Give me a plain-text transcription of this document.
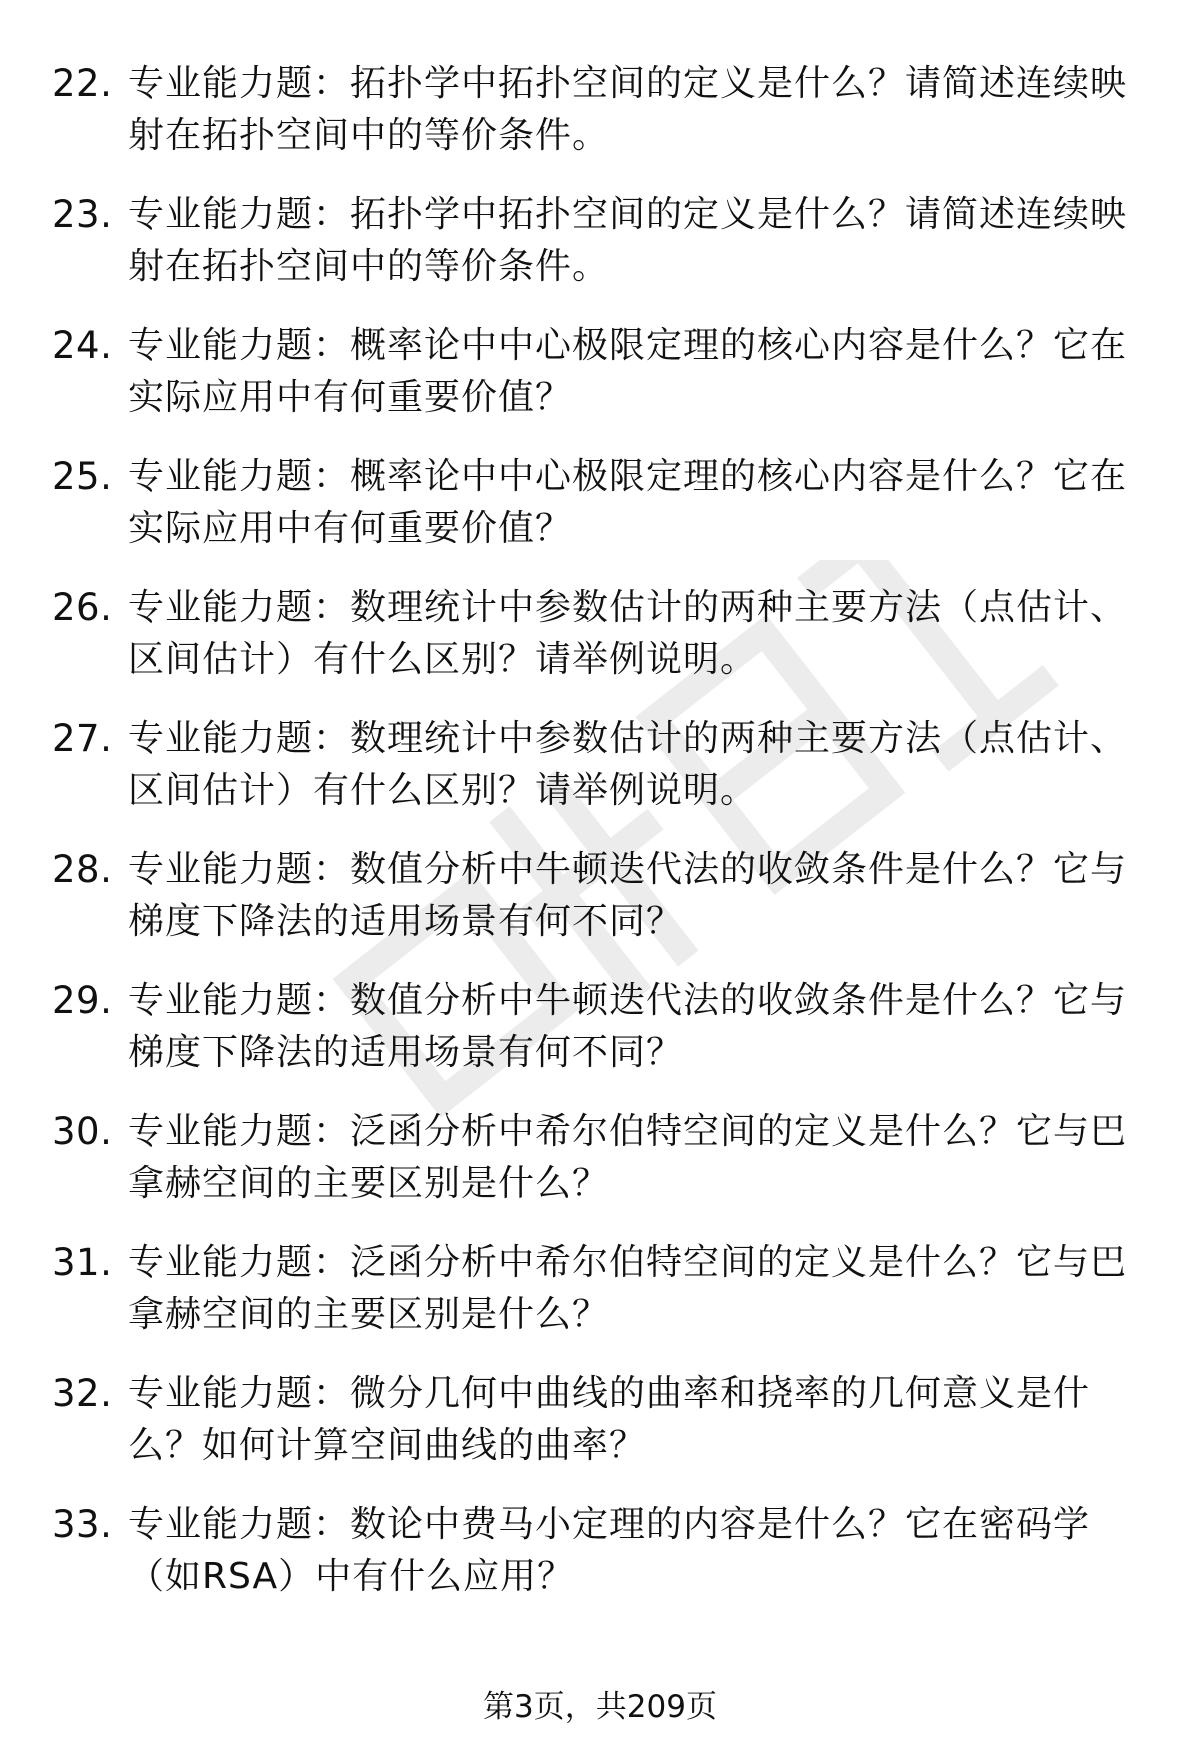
22. 专业能力题：拓扑学中拓扑空间的定义是什么？请简述连续映射在拓扑空间中的等价条件。
23. 专业能力题：拓扑学中拓扑空间的定义是什么？请简述连续映射在拓扑空间中的等价条件。
24. 专业能力题：概率论中中心极限定理的核心内容是什么？它在实际应用中有何重要价值？
25. 专业能力题：概率论中中心极限定理的核心内容是什么？它在实际应用中有何重要价值？
26. 专业能力题：数理统计中参数估计的两种主要方法（点估计、区间估计）有什么区别？请举例说明。
27. 专业能力题：数理统计中参数估计的两种主要方法（点估计、区间估计）有什么区别？请举例说明。
28. 专业能力题：数值分析中牛顿迭代法的收敛条件是什么？它与梯度下降法的适用场景有何不同？
29. 专业能力题：数值分析中牛顿迭代法的收敛条件是什么？它与梯度下降法的适用场景有何不同？
30. 专业能力题：泛函分析中希尔伯特空间的定义是什么？它与巴拿赫空间的主要区别是什么？
31. 专业能力题：泛函分析中希尔伯特空间的定义是什么？它与巴拿赫空间的主要区别是什么？
32. 专业能力题：微分几何中曲线的曲率和挠率的几何意义是什么？如何计算空间曲线的曲率？
33. 专业能力题：数论中费马小定理的内容是什么？它在密码学（如RSA）中有什么应用？
第3页，共209页
